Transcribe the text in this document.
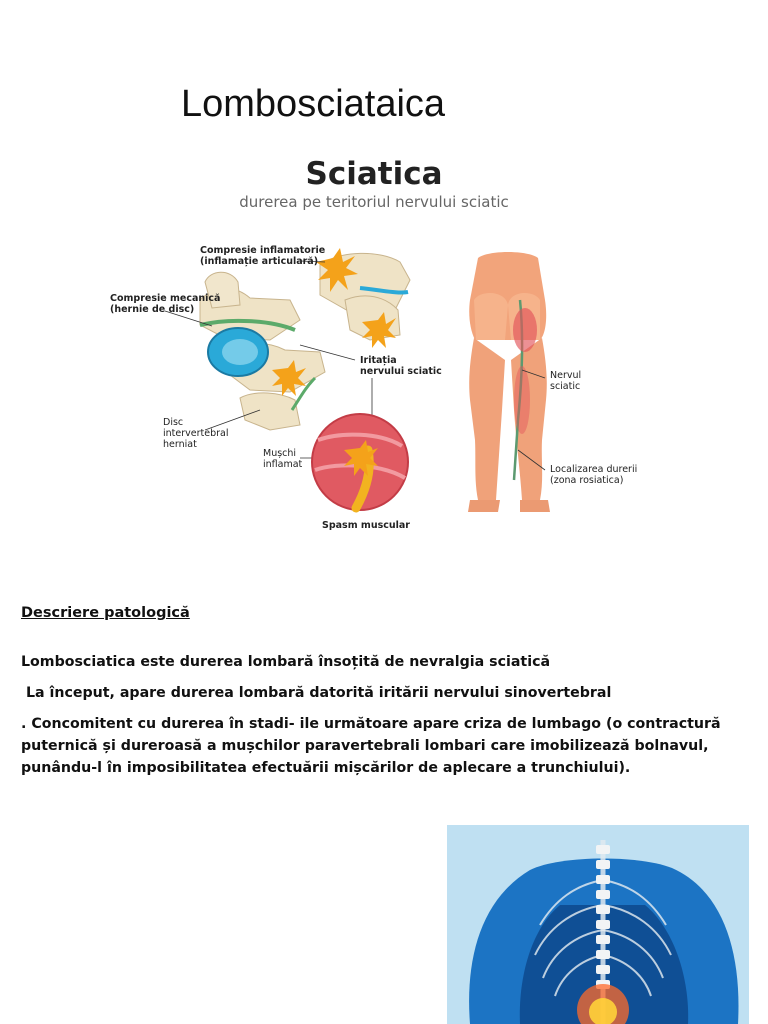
Lombosciataica
Sciatica
durerea pe teritoriul nervului sciatic
Compresie inflamatorie
(inflamație articulară)
Compresie mecanică
(hernie de disc)
Iritația
nervului sciatic
Disc
intervertebral
herniat
Mușchi
inflamat
Spasm muscular
Nervul
sciatic
Localizarea durerii
(zona rosiatica)
Descriere patologică

Lombosciatica este durerea lombară însoțită de nevralgia sciatică

La început, apare durerea lombară datorită iritării nervului sinovertebral

. Concomitent cu durerea în stadi- ile următoare apare criza de lumbago (o contractură puternică și dureroasă a mușchilor paravertebrali lombari care imobilizează bolnavul, punându-l în imposibilitatea efectuării mișcărilor de aplecare a trunchiului).
